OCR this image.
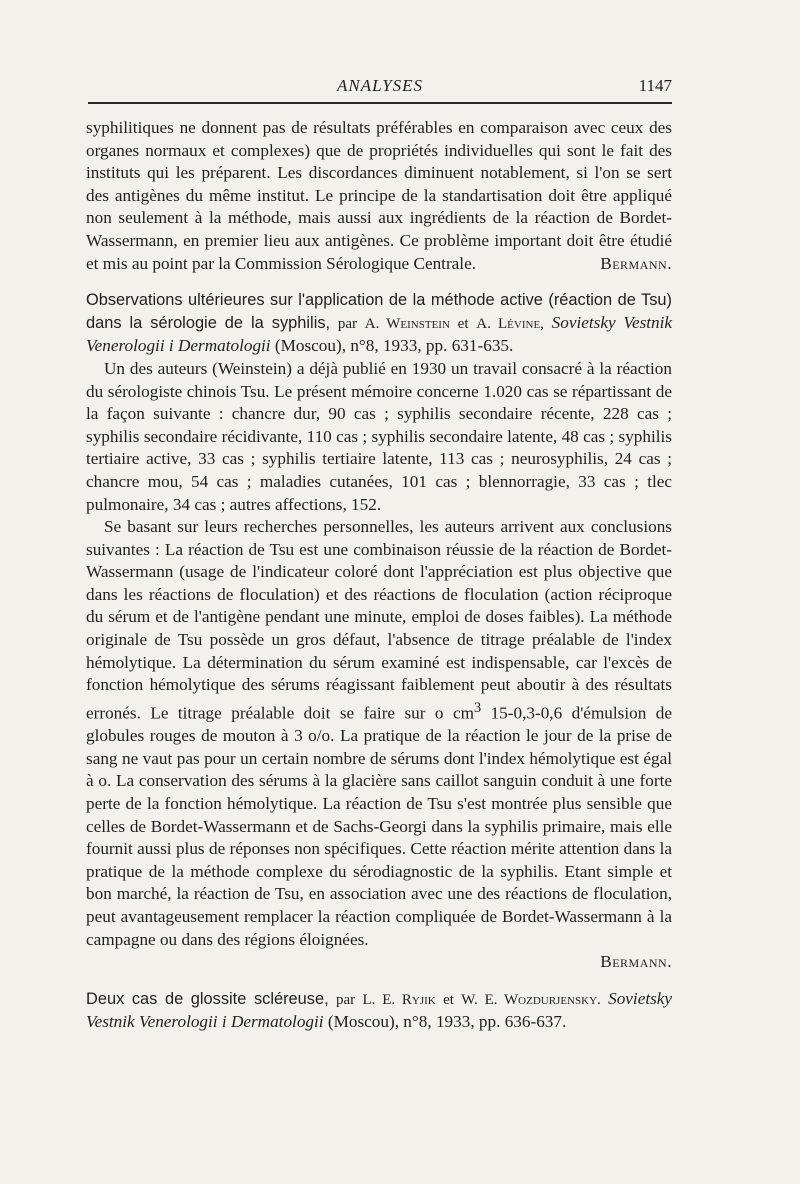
ANALYSES	1147

syphilitiques ne donnent pas de résultats préférables en comparaison avec ceux des organes normaux et complexes) que de propriétés individuelles qui sont le fait des instituts qui les préparent. Les discordances diminuent notablement, si l'on se sert des antigènes du même institut. Le principe de la standartisation doit être appliqué non seulement à la méthode, mais aussi aux ingrédients de la réaction de Bordet-Wassermann, en premier lieu aux antigènes. Ce problème important doit être étudié et mis au point par la Commission Sérologique Centrale.	Bermann.

Observations ultérieures sur l'application de la méthode active (réaction de Tsu) dans la sérologie de la syphilis, par A. Weinstein et A. Lévine, Sovietsky Vestnik Venerologii i Dermatologii (Moscou), n°8, 1933, pp. 631-635.

Un des auteurs (Weinstein) a déjà publié en 1930 un travail consacré à la réaction du sérologiste chinois Tsu. Le présent mémoire concerne 1.020 cas se répartissant de la façon suivante : chancre dur, 90 cas ; syphilis secondaire récente, 228 cas ; syphilis secondaire récidivante, 110 cas ; syphilis secondaire latente, 48 cas ; syphilis tertiaire active, 33 cas ; syphilis tertiaire latente, 113 cas ; neurosyphilis, 24 cas ; chancre mou, 54 cas ; maladies cutanées, 101 cas ; blennorragie, 33 cas ; tlec pulmonaire, 34 cas ; autres affections, 152.

Se basant sur leurs recherches personnelles, les auteurs arrivent aux conclusions suivantes : La réaction de Tsu est une combinaison réussie de la réaction de Bordet-Wassermann (usage de l'indicateur coloré dont l'appréciation est plus objective que dans les réactions de floculation) et des réactions de floculation (action réciproque du sérum et de l'antigène pendant une minute, emploi de doses faibles). La méthode originale de Tsu possède un gros défaut, l'absence de titrage préalable de l'index hémolytique. La détermination du sérum examiné est indispensable, car l'excès de fonction hémolytique des sérums réagissant faiblement peut aboutir à des résultats erronés. Le titrage préalable doit se faire sur o $cm^3$ 15-0,3-0,6 d'émulsion de globules rouges de mouton à 3 o/o. La pratique de la réaction le jour de la prise de sang ne vaut pas pour un certain nombre de sérums dont l'index hémolytique est égal à o. La conservation des sérums à la glacière sans caillot sanguin conduit à une forte perte de la fonction hémolytique. La réaction de Tsu s'est montrée plus sensible que celles de Bordet-Wassermann et de Sachs-Georgi dans la syphilis primaire, mais elle fournit aussi plus de réponses non spécifiques. Cette réaction mérite attention dans la pratique de la méthode complexe du sérodiagnostic de la syphilis. Etant simple et bon marché, la réaction de Tsu, en association avec une des réactions de floculation, peut avantageusement remplacer la réaction compliquée de Bordet-Wassermann à la campagne ou dans des régions éloignées.

Bermann.

Deux cas de glossite scléreuse, par L. E. Ryjik et W. E. Wozdurjensky. Sovietsky Vestnik Venerologii i Dermatologii (Moscou), n°8, 1933, pp. 636-637.
